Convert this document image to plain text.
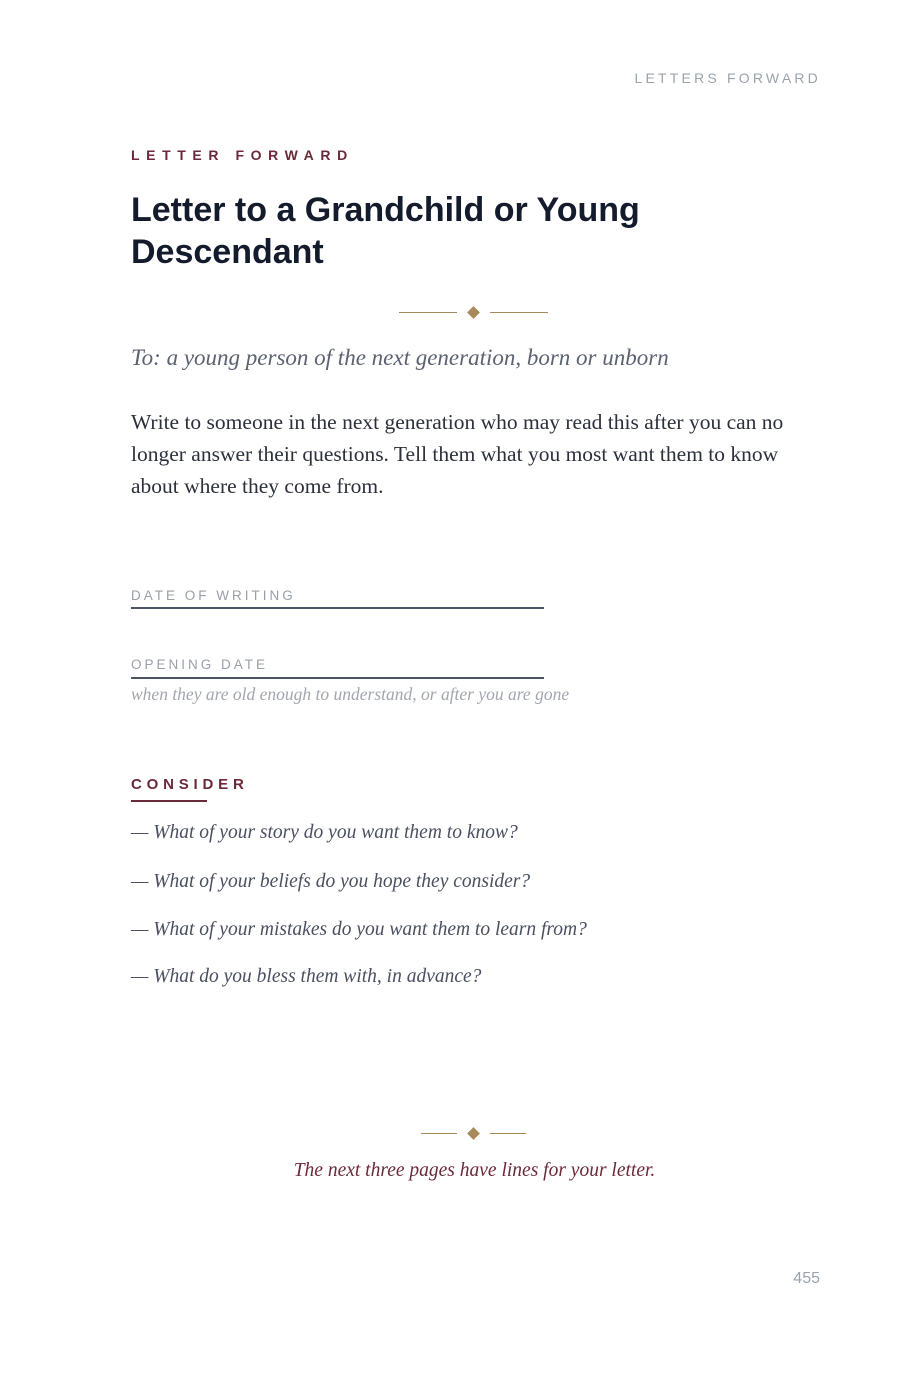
LETTERS FORWARD
LETTER FORWARD
Letter to a Grandchild or Young Descendant

To: a young person of the next generation, born or unborn

Write to someone in the next generation who may read this after you can no longer answer their questions. Tell them what you most want them to know about where they come from.

DATE OF WRITING
OPENING DATE
when they are old enough to understand, or after you are gone
CONSIDER
— What of your story do you want them to know?
— What of your beliefs do you hope they consider?
— What of your mistakes do you want them to learn from?
— What do you bless them with, in advance?
The next three pages have lines for your letter.
455
